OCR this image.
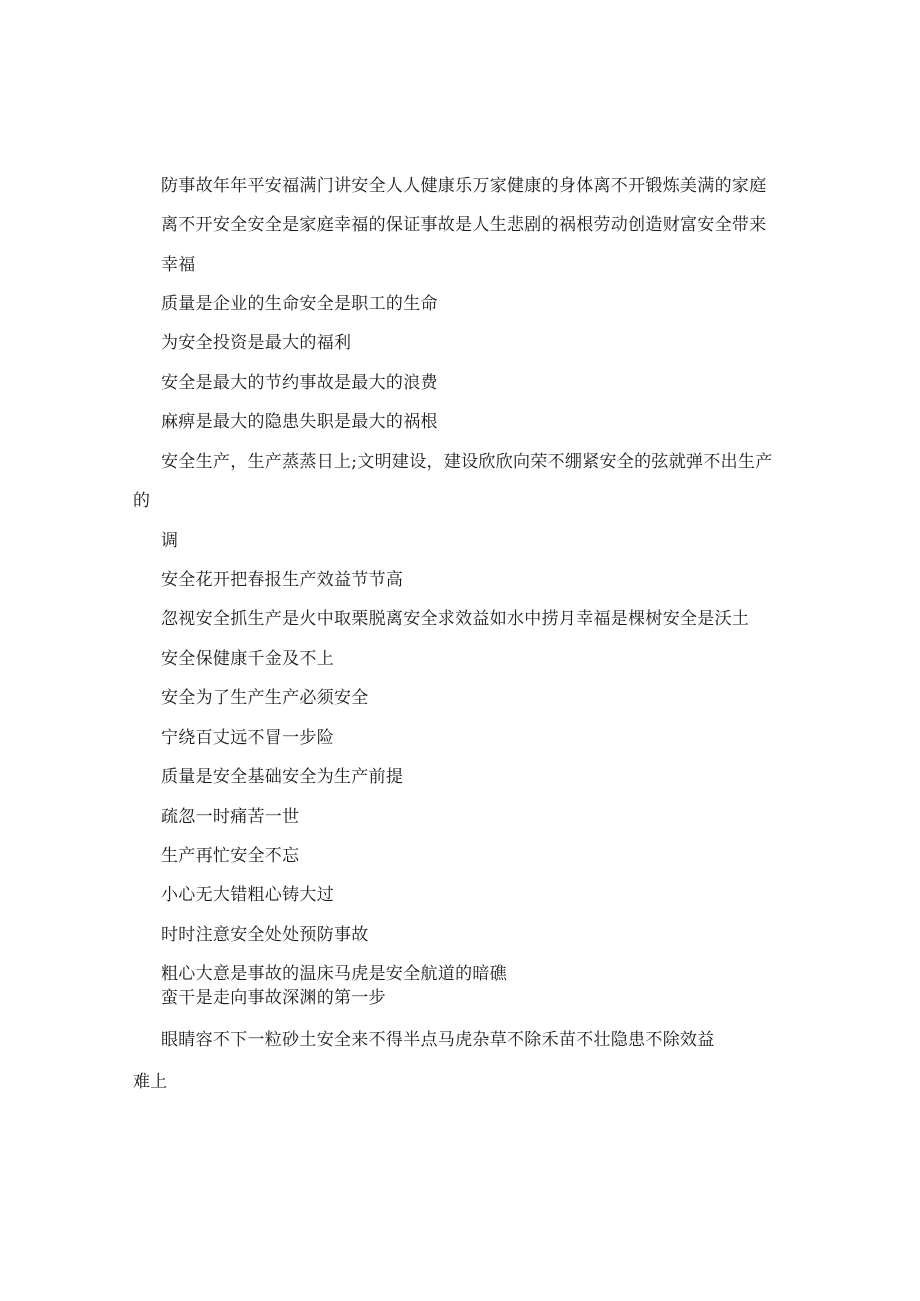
防事故年年平安福满门讲安全人人健康乐万家健康的身体离不开锻炼美满的家庭
离不开安全安全是家庭幸福的保证事故是人生悲剧的祸根劳动创造财富安全带来
幸福
质量是企业的生命安全是职工的生命
为安全投资是最大的福利
安全是最大的节约事故是最大的浪费
麻痹是最大的隐患失职是最大的祸根
安全生产，生产蒸蒸日上;文明建设，建设欣欣向荣不绷紧安全的弦就弹不出生产
的
调
安全花开把春报生产效益节节高
忽视安全抓生产是火中取栗脱离安全求效益如水中捞月幸福是棵树安全是沃土
安全保健康千金及不上
安全为了生产生产必须安全
宁绕百丈远不冒一步险
质量是安全基础安全为生产前提
疏忽一时痛苦一世
生产再忙安全不忘
小心无大错粗心铸大过
时时注意安全处处预防事故
粗心大意是事故的温床马虎是安全航道的暗礁
蛮干是走向事故深渊的第一步
眼睛容不下一粒砂土安全来不得半点马虎杂草不除禾苗不壮隐患不除效益
难上
